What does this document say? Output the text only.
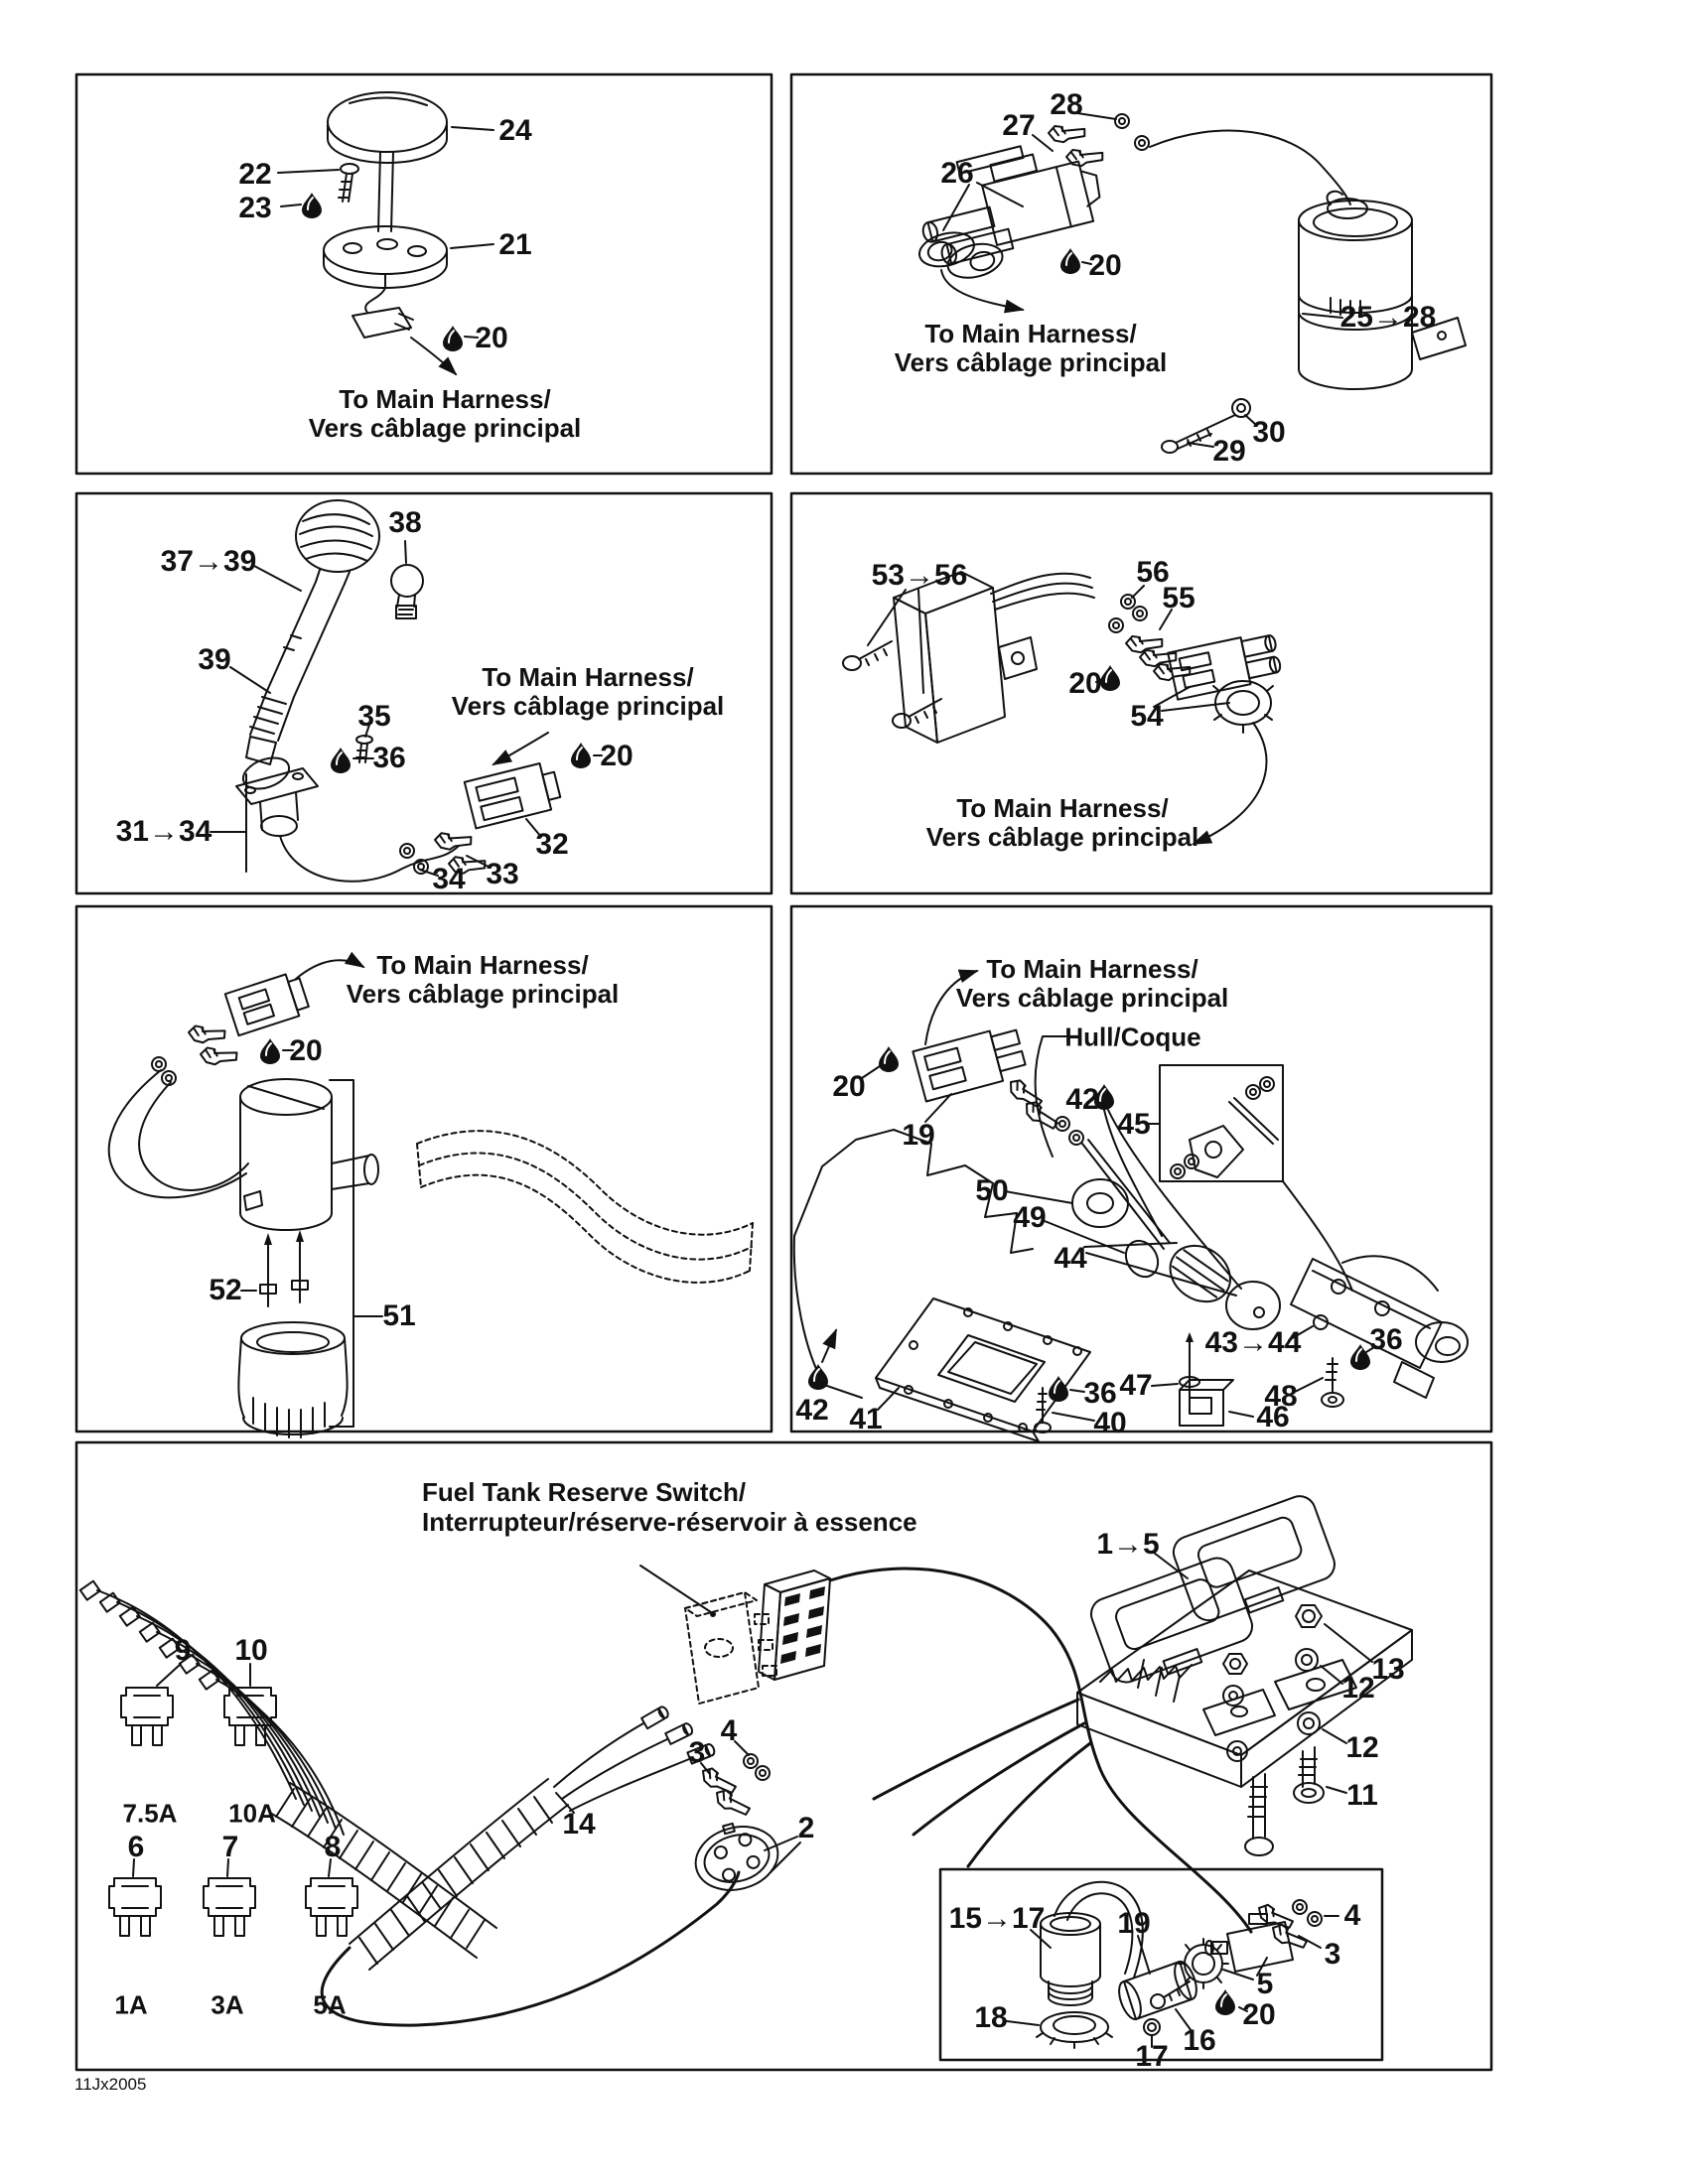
24
22
23
21
20
To Main Harness/
Vers câblage principal
28
27
26
20
25→28
30
29
To Main Harness/
Vers câblage principal
38
37→39
39
35
36	20
31→34	32
33
34
To Main Harness/
Vers câblage principal
53→56	56
55
20
54
To Main Harness/
Vers câblage principal
20
52
51
To Main Harness/
Vers câblage principal
20
19
50
49
44
42
45
43→44 36
48
47
42 41
36
40	46
Hull/Coque
To Main Harness/
Vers câblage principal
Fuel Tank Reserve Switch/
Interrupteur/réserve-réservoir à essence
1→5
13
12
12
11
14	2
3
4
9 10
6	7	8
7.5A 10A
1A 3A	5A
15→17 19	4
3
5
20
18
16
17
11Jx2005
